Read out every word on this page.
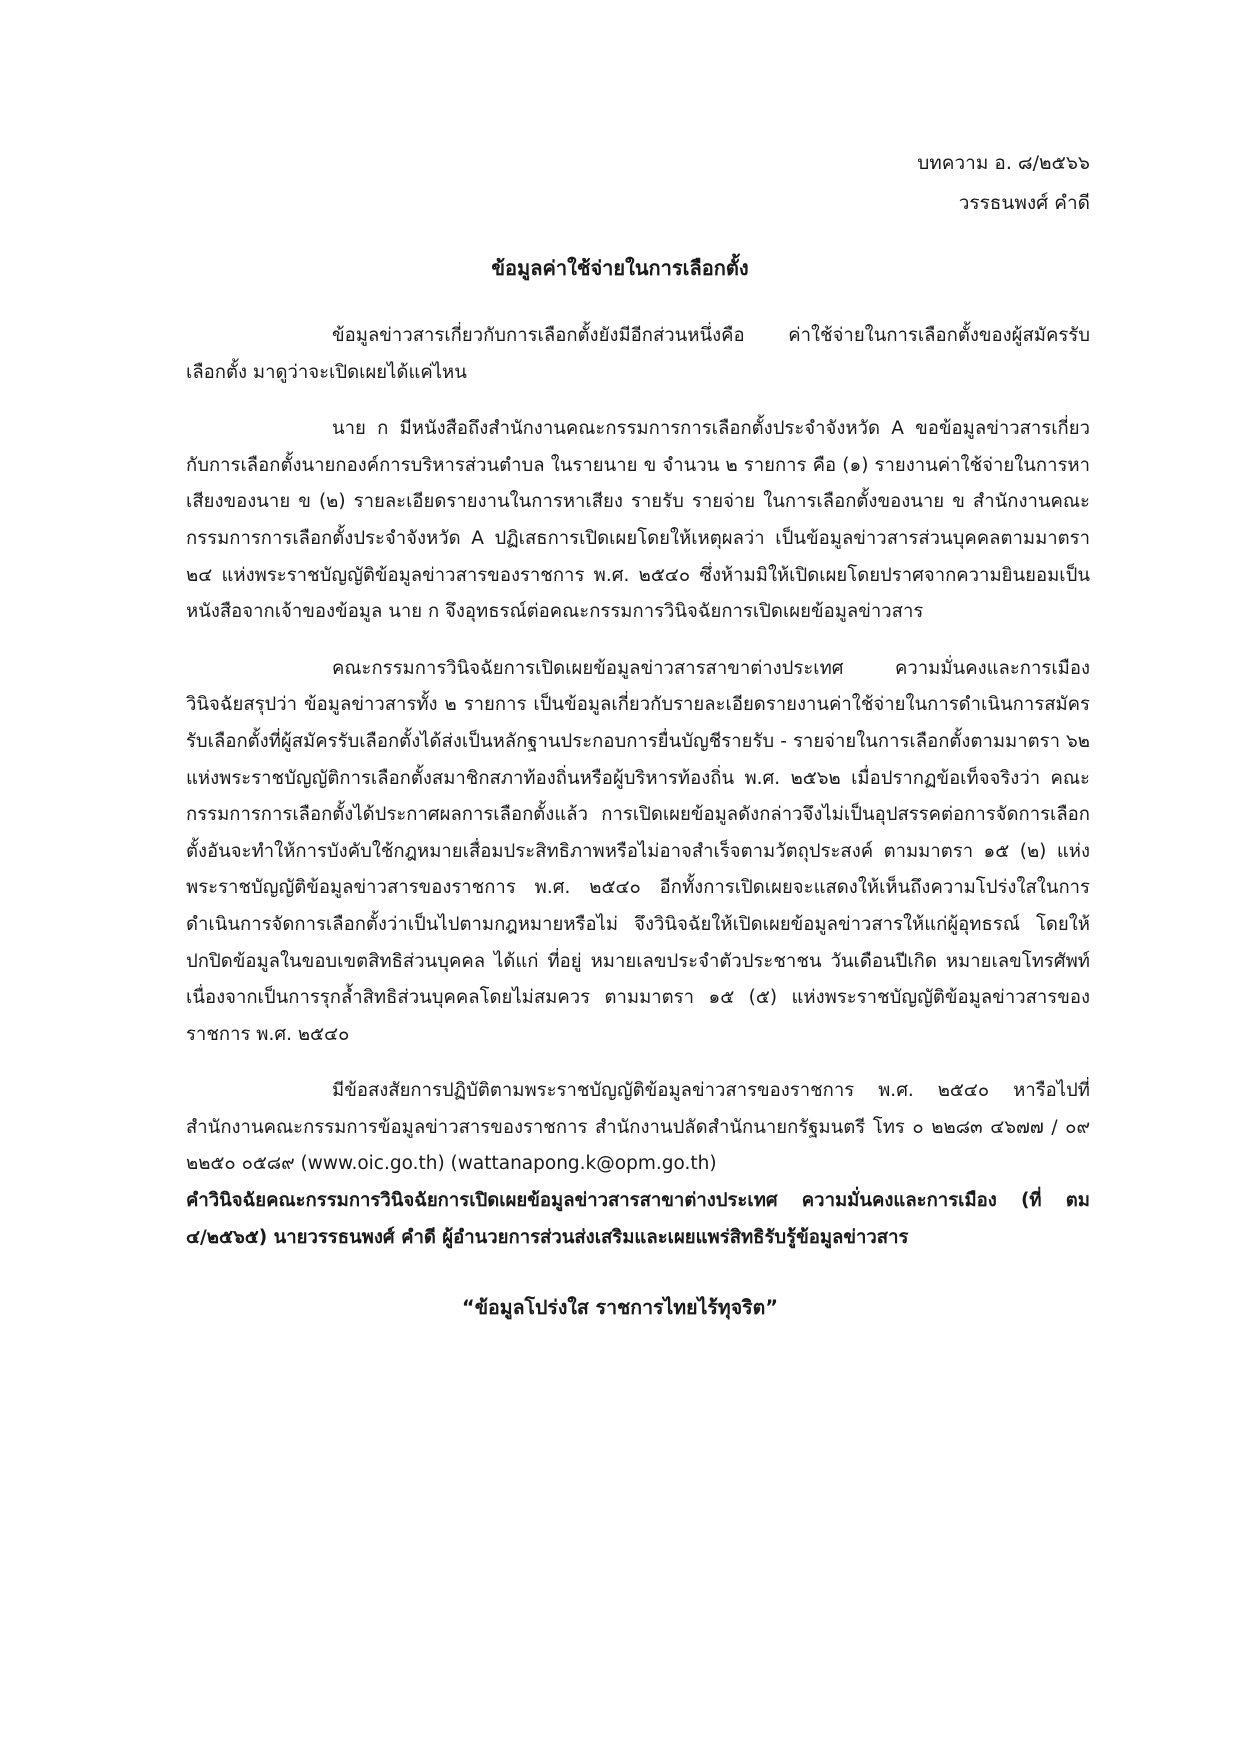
บทความ อ. ๘/๒๕๖๖
วรรธนพงศ์ คำดี
ข้อมูลค่าใช้จ่ายในการเลือกตั้ง

ข้อมูลข่าวสารเกี่ยวกับการเลือกตั้งยังมีอีกส่วนหนึ่งคือ ค่าใช้จ่ายในการเลือกตั้งของผู้สมัครรับเลือกตั้ง มาดูว่าจะเปิดเผยได้แค่ไหน

นาย ก มีหนังสือถึงสำนักงานคณะกรรมการการเลือกตั้งประจำจังหวัด A ขอข้อมูลข่าวสารเกี่ยวกับการเลือกตั้งนายกองค์การบริหารส่วนตำบล ในรายนาย ข จำนวน ๒ รายการ คือ (๑) รายงานค่าใช้จ่ายในการหาเสียงของนาย ข (๒) รายละเอียดรายงานในการหาเสียง รายรับ รายจ่าย ในการเลือกตั้งของนาย ข สำนักงานคณะกรรมการการเลือกตั้งประจำจังหวัด A ปฏิเสธการเปิดเผยโดยให้เหตุผลว่า เป็นข้อมูลข่าวสารส่วนบุคคลตามมาตรา ๒๔ แห่งพระราชบัญญัติข้อมูลข่าวสารของราชการ พ.ศ. ๒๕๔๐ ซึ่งห้ามมิให้เปิดเผยโดยปราศจากความยินยอมเป็นหนังสือจากเจ้าของข้อมูล นาย ก จึงอุทธรณ์ต่อคณะกรรมการวินิจฉัยการเปิดเผยข้อมูลข่าวสาร

คณะกรรมการวินิจฉัยการเปิดเผยข้อมูลข่าวสารสาขาต่างประเทศ ความมั่นคงและการเมือง วินิจฉัยสรุปว่า ข้อมูลข่าวสารทั้ง ๒ รายการ เป็นข้อมูลเกี่ยวกับรายละเอียดรายงานค่าใช้จ่ายในการดำเนินการสมัครรับเลือกตั้งที่ผู้สมัครรับเลือกตั้งได้ส่งเป็นหลักฐานประกอบการยื่นบัญชีรายรับ - รายจ่ายในการเลือกตั้งตามมาตรา ๖๒ แห่งพระราชบัญญัติการเลือกตั้งสมาชิกสภาท้องถิ่นหรือผู้บริหารท้องถิ่น พ.ศ. ๒๕๖๒ เมื่อปรากฏข้อเท็จจริงว่า คณะกรรมการการเลือกตั้งได้ประกาศผลการเลือกตั้งแล้ว การเปิดเผยข้อมูลดังกล่าวจึงไม่เป็นอุปสรรคต่อการจัดการเลือกตั้งอันจะทำให้การบังคับใช้กฎหมายเสื่อมประสิทธิภาพหรือไม่อาจสำเร็จตามวัตถุประสงค์ ตามมาตรา ๑๕ (๒) แห่งพระราชบัญญัติข้อมูลข่าวสารของราชการ พ.ศ. ๒๕๔๐ อีกทั้งการเปิดเผยจะแสดงให้เห็นถึงความโปร่งใสในการดำเนินการจัดการเลือกตั้งว่าเป็นไปตามกฎหมายหรือไม่ จึงวินิจฉัยให้เปิดเผยข้อมูลข่าวสารให้แก่ผู้อุทธรณ์ โดยให้ปกปิดข้อมูลในขอบเขตสิทธิส่วนบุคคล ได้แก่ ที่อยู่ หมายเลขประจำตัวประชาชน วันเดือนปีเกิด หมายเลขโทรศัพท์ เนื่องจากเป็นการรุกล้ำสิทธิส่วนบุคคลโดยไม่สมควร ตามมาตรา ๑๕ (๕) แห่งพระราชบัญญัติข้อมูลข่าวสารของราชการ พ.ศ. ๒๕๔๐

มีข้อสงสัยการปฏิบัติตามพระราชบัญญัติข้อมูลข่าวสารของราชการ พ.ศ. ๒๕๔๐ หารือไปที่สำนักงานคณะกรรมการข้อมูลข่าวสารของราชการ สำนักงานปลัดสำนักนายกรัฐมนตรี โทร ๐ ๒๒๘๓ ๔๖๗๗ / ๐๙ ๒๒๕๐ ๐๕๘๙ (www.oic.go.th) (wattanapong.k@opm.go.th)

คำวินิจฉัยคณะกรรมการวินิจฉัยการเปิดเผยข้อมูลข่าวสารสาขาต่างประเทศ ความมั่นคงและการเมือง (ที่ ตม ๔/๒๕๖๕) นายวรรธนพงศ์ คำดี ผู้อำนวยการส่วนส่งเสริมและเผยแพร่สิทธิรับรู้ข้อมูลข่าวสาร

“ข้อมูลโปร่งใส ราชการไทยไร้ทุจริต”
